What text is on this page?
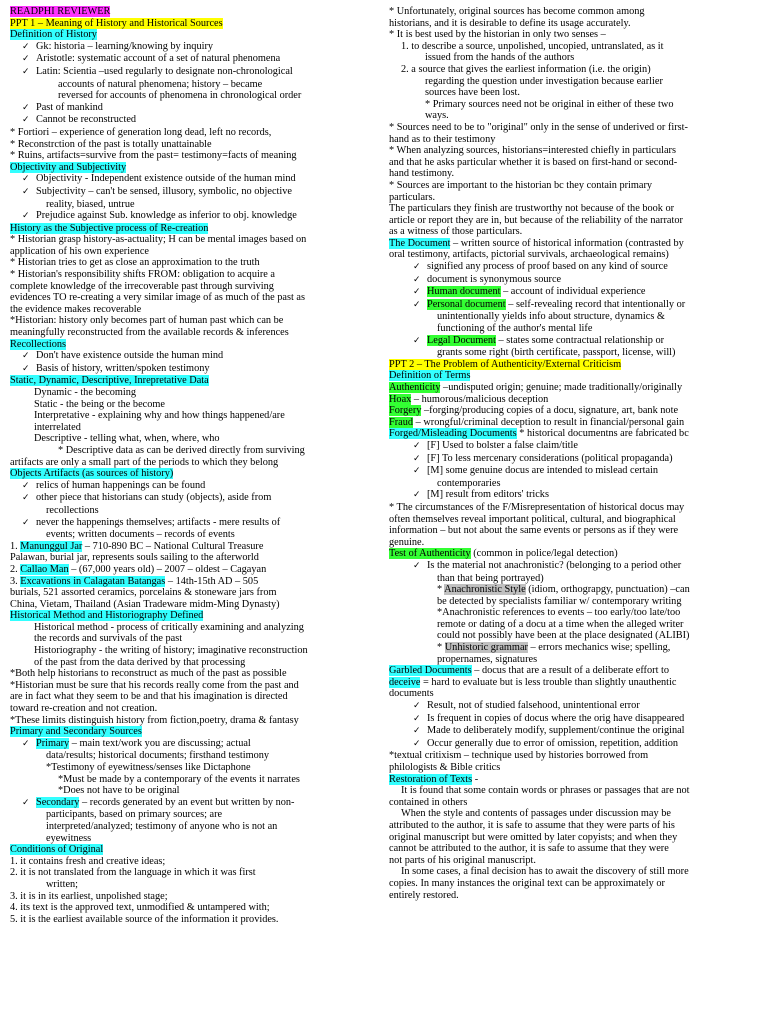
READPHI REVIEWER
PPT 1 – Meaning of History and Historical Sources
Definition of History
✓ Gk: historia – learning/knowing by inquiry
✓ Aristotle: systematic account of a set of natural phenomena
✓ Latin: Scientia –used regularly to designate non-chronological
accounts of natural phenomena; history – became
reversed for accounts of phenomena in chronological order
✓ Past of mankind
✓ Cannot be reconstructed
* Fortiori – experience of generation long dead, left no records,
* Reconstrction of the past is totally unattainable
* Ruins, artifacts=survive from the past= testimony=facts of meaning
Objectivity and Subjectivity
✓ Objectivity - Independent existence outside of the human mind
✓ Subjectivity – can't be sensed, illusory, symbolic, no objective
reality, biased, untrue
✓ Prejudice against Sub. knowledge as inferior to obj. knowledge
History as the Subjective process of Re-creation
* Historian grasp history-as-actuality; H can be mental images based on
application of his own experience
* Historian tries to get as close an approximation to the truth
* Historian's responsibility shifts FROM: obligation to acquire a
complete knowledge of the irrecoverable past through surviving
evidences TO re-creating a very similar image of as much of the past as
the evidence makes recoverable
*Historian: history only becomes part of human past which can be
meaningfully reconstructed from the available records & inferences
Recollections
✓ Don't have existence outside the human mind
✓ Basis of history, written/spoken testimony
Static, Dynamic, Descriptive, Inrepretative Data
Dynamic - the becoming
Static - the being or the become
Interpretative - explaining why and how things happened/are
interrelated
Descriptive - telling what, when, where, who
* Descriptive data as can be derived directly from surviving
artifacts are only a small part of the periods to which they belong
Objects Artifacts (as sources of history)
✓ relics of human happenings can be found
✓ other piece that historians can study (objects), aside from
recollections
✓ never the happenings themselves; artifacts - mere results of
events; written documents – records of events
1. Manunggul Jar – 710-890 BC – National Cultural Treasure
Palawan, burial jar, represents souls sailing to the afterworld
2. Callao Man – (67,000 years old) – 2007 – oldest – Cagayan
3. Excavations in Calagatan Batangas – 14th-15th AD – 505
burials, 521 assorted ceramics, porcelains & stoneware jars from
China, Vietam, Thailand (Asian Tradeware midm-Ming Dynasty)
Historical Method and Historiography Defined
Historical method - process of critically examining and analyzing
the records and survivals of the past
Historiography - the writing of history; imaginative reconstruction
of the past from the data derived by that processing
*Both help historians to reconstruct as much of the past as possible
*Historian must be sure that his records really come from the past and
are in fact what they seem to be and that his imagination is directed
toward re-creation and not creation.
*These limits distinguish history from fiction,poetry, drama & fantasy
Primary and Secondary Sources
✓ Primary – main text/work you are discussing; actual
data/results; historical documents; firsthand testimony
*Testimony of eyewitness/senses like Dictaphone
*Must be made by a contemporary of the events it narrates
*Does not have to be original
✓ Secondary – records generated by an event but written by non-
participants, based on primary sources; are
interpreted/analyzed; testimony of anyone who is not an
eyewitness
Conditions of Original
1. it contains fresh and creative ideas;
2. it is not translated from the language in which it was first
written;
3. it is in its earliest, unpolished stage;
4. its text is the approved text, unmodified & untampered with;
5. it is the earliest available source of the information it provides.
* Unfortunately, original sources has become common among
historians, and it is desirable to define its usage accurately.
* It is best used by the historian in only two senses –
1. to describe a source, unpolished, uncopied, untranslated, as it
issued from the hands of the authors
2. a source that gives the earliest information (i.e. the origin)
regarding the question under investigation because earlier
sources have been lost.
* Primary sources need not be original in either of these two
ways.
* Sources need to be to "original" only in the sense of underived or first-
hand as to their testimony
* When analyzing sources, historians=interested chiefly in particulars
and that he asks particular whether it is based on first-hand or second-
hand testimony.
* Sources are important to the historian bc they contain primary
particulars.
The particulars they finish are trustworthy not because of the book or
article or report they are in, but because of the reliability of the narrator
as a witness of those particulars.
The Document – written source of historical information (contrasted by
oral testimony, artifacts, pictorial survivals, archaeological remains)
✓ signified any process of proof based on any kind of source
✓ document is synonymous source
✓ Human document – account of individual experience
✓ Personal document – self-revealing record that intentionally or
unintentionally yields info about structure, dynamics &
functioning of the author's mental life
✓ Legal Document – states some contractual relationship or
grants some right (birth certificate, passport, license, will)
PPT 2 – The Problem of Authenticity/External Criticism
Definition of Terms
Authenticity –undisputed origin; genuine; made traditionally/originally
Hoax – humorous/malicious deception
Forgery –forging/producing copies of a docu, signature, art, bank note
Fraud – wrongful/criminal deception to result in financial/personal gain
Forged/Misleading Documents * historical documentns are fabricated bc
✓ [F] Used to bolster a false claim/title
✓ [F] To less mercenary considerations (political propaganda)
✓ [M] some genuine docus are intended to mislead certain
contemporaries
✓ [M] result from editors' tricks
* The circumstances of the F/Misrepresentation of historical docus may
often themselves reveal important political, cultural, and biographical
information – but not about the same events or persons as if they were
genuine.
Test of Authenticity (common in police/legal detection)
✓ Is the material not anachronistic? (belonging to a period other
than that being portrayed)
* Anachronistic Style (idiom, orthograpgy, punctuation) –can
be detected by specialists familiar w/ contemporary writing
*Anachronistic references to events – too early/too late/too
remote or dating of a docu at a time when the alleged writer
could not possibly have been at the place designated (ALIBI)
* Unhistoric grammar – errors mechanics wise; spelling,
propernames, signatures
Garbled Documents – docus that are a result of a deliberate effort to
deceive = hard to evaluate but is less trouble than slightly unauthentic
documents
✓ Result, not of studied falsehood, unintentional error
✓ Is frequent in copies of docus where the orig have disappeared
✓ Made to deliberately modify, supplement/continue the original
✓ Occur generally due to error of omission, repetition, addition
*textual critixism – technique used by histories borrowed from
philologists & Bible critics
Restoration of Texts -
It is found that some contain words or phrases or passages that are not
contained in others
When the style and contents of passages under discussion may be
attributed to the author, it is safe to assume that they were parts of his
original manuscript but were omitted by later copyists; and when they
cannot be attributed to the author, it is safe to assume that they were
not parts of his original manuscript.
In some cases, a final decision has to await the discovery of still more
copies. In many instances the original text can be approximately or
entirely restored.
